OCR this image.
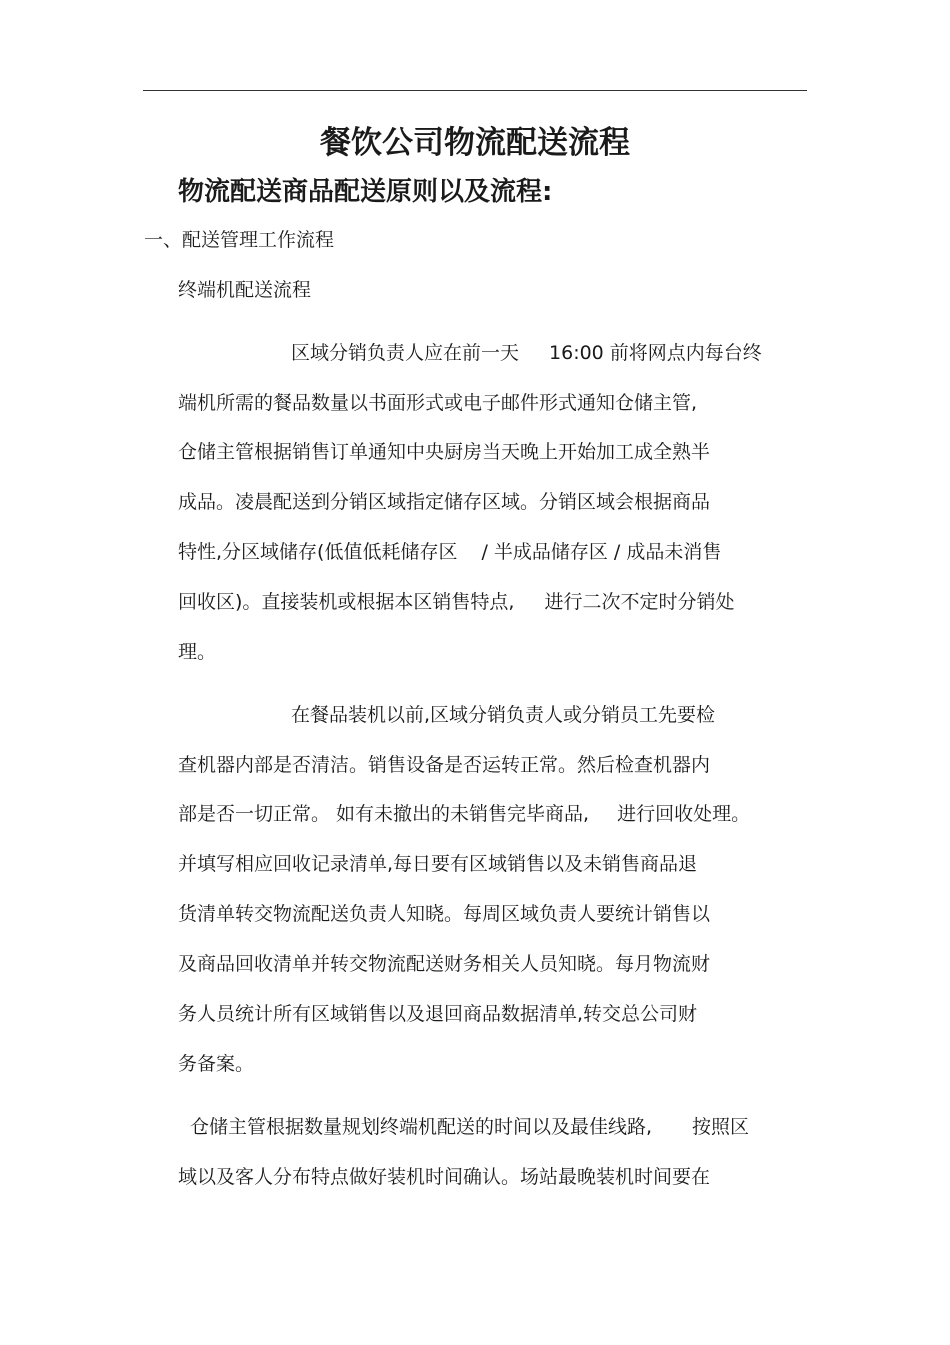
餐饮公司物流配送流程
物流配送商品配送原则以及流程:
一、配送管理工作流程
终端机配送流程
区域分销负责人应在前一天 16:00 前将网点内每台终
端机所需的餐品数量以书面形式或电子邮件形式通知仓储主管,
仓储主管根据销售订单通知中央厨房当天晚上开始加工成全熟半
成品。凌晨配送到分销区域指定储存区域。分销区域会根据商品
特性,分区域储存(低值低耗储存区 / 半成品储存区 / 成品未消售
回收区)。直接装机或根据本区销售特点, 进行二次不定时分销处
理。
在餐品装机以前,区域分销负责人或分销员工先要检
查机器内部是否清洁。销售设备是否运转正常。然后检查机器内
部是否一切正常。 如有未撤出的未销售完毕商品, 进行回收处理。
并填写相应回收记录清单,每日要有区域销售以及未销售商品退
货清单转交物流配送负责人知晓。每周区域负责人要统计销售以
及商品回收清单并转交物流配送财务相关人员知晓。每月物流财
务人员统计所有区域销售以及退回商品数据清单,转交总公司财
务备案。
仓储主管根据数量规划终端机配送的时间以及最佳线路, 按照区
域以及客人分布特点做好装机时间确认。场站最晚装机时间要在
